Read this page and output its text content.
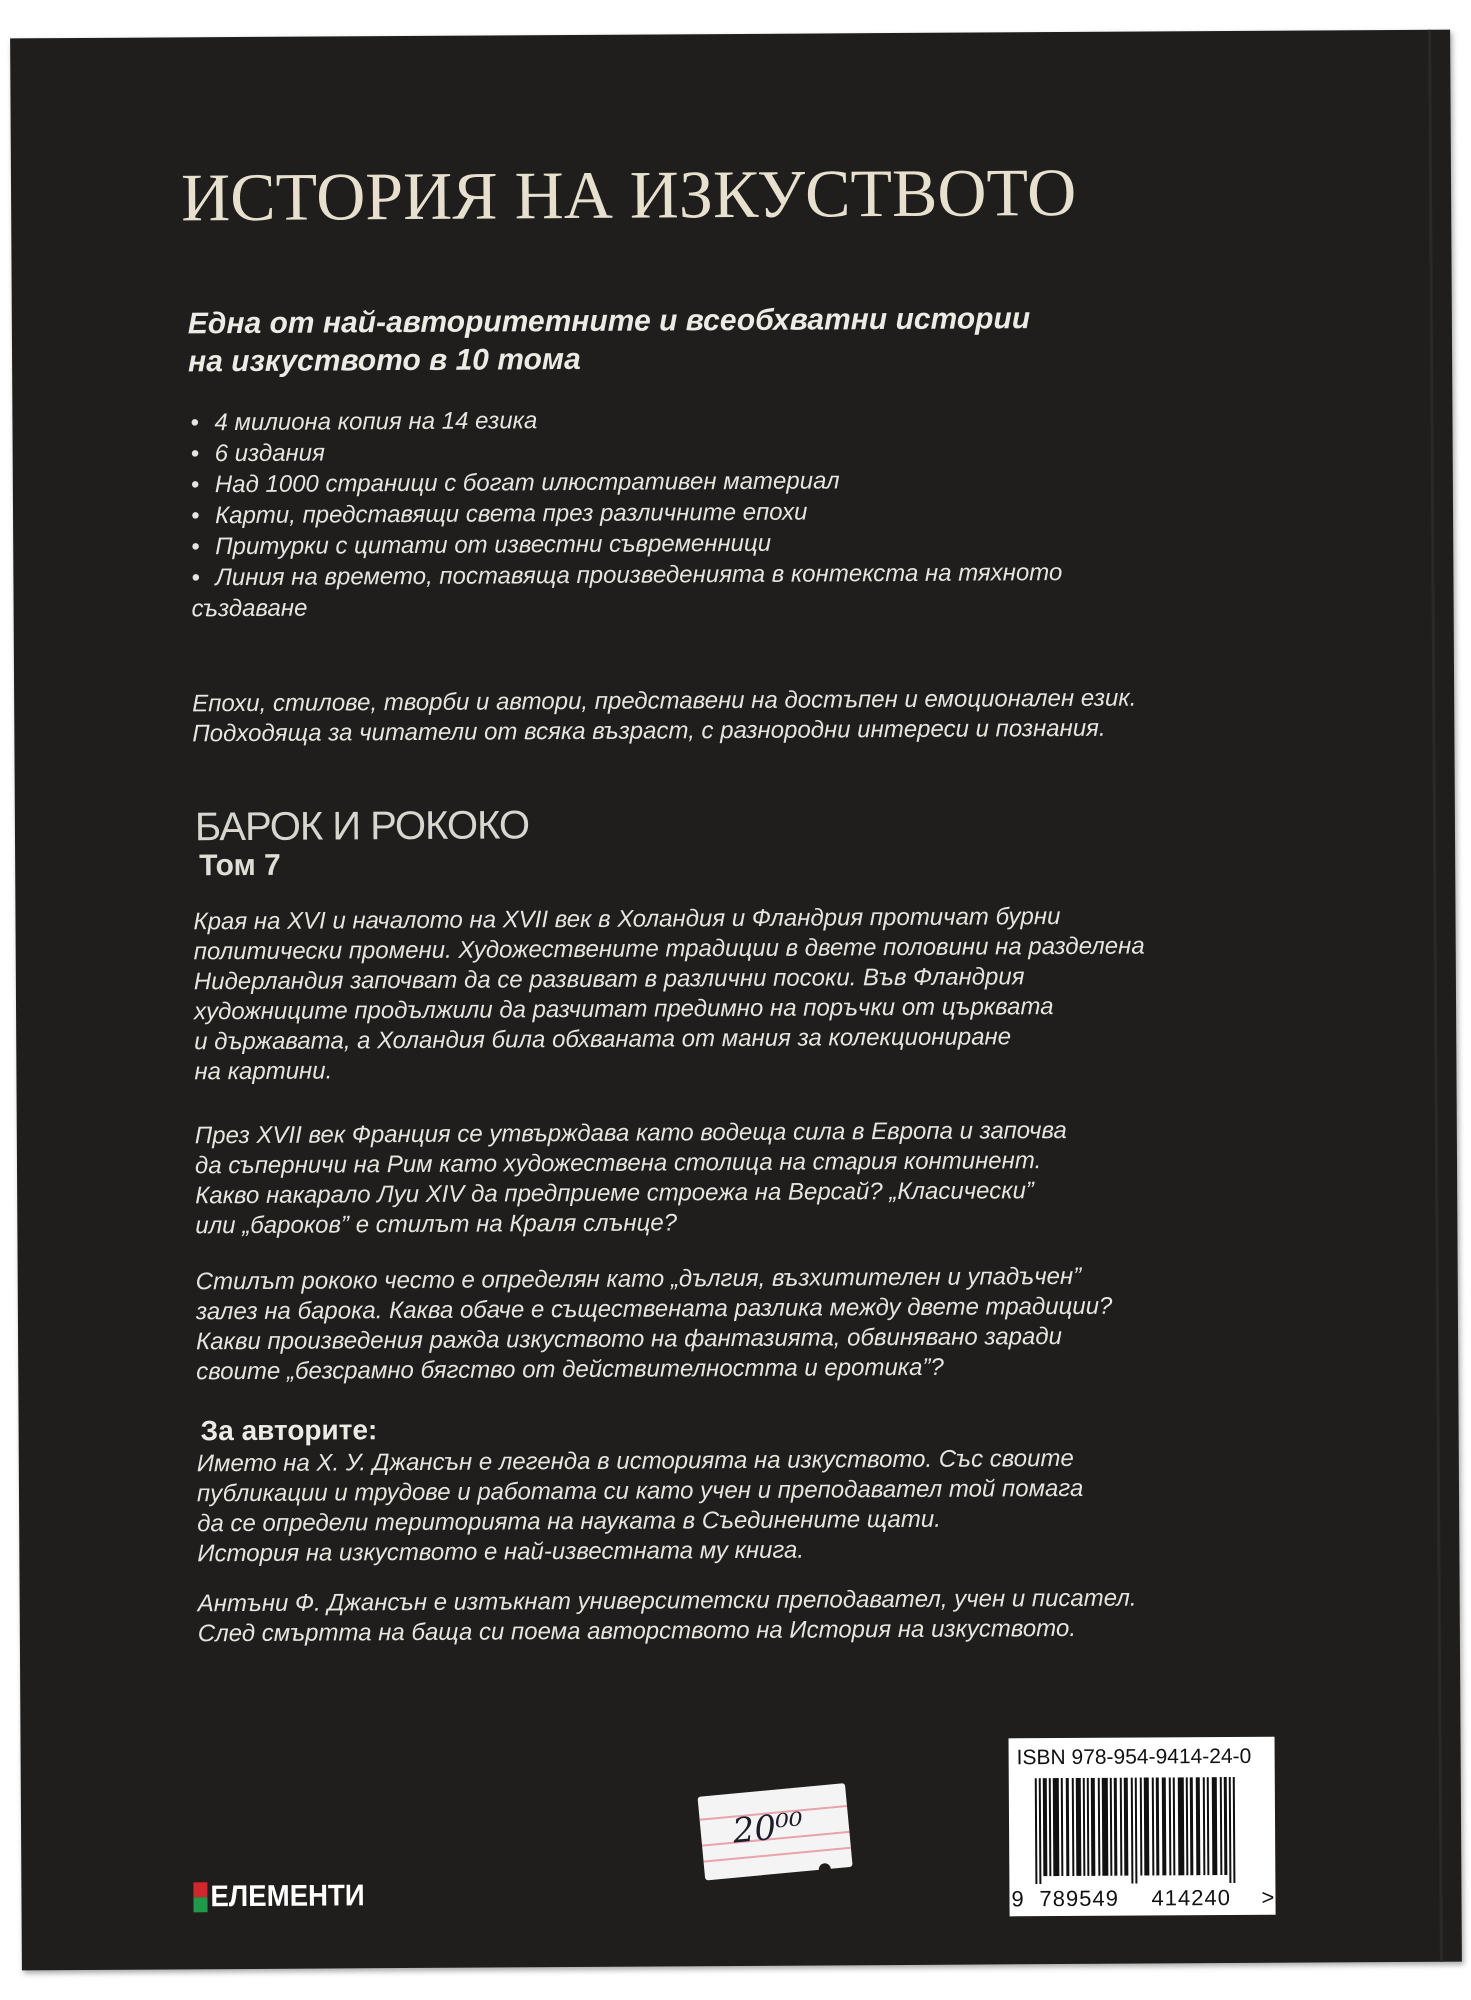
ИСТОРИЯ НА ИЗКУСТВОТО
Една от най-авторитетните и всеобхватни истории
на изкуството в 10 тома
• 4 милиона копия на 14 езика
• 6 издания
• Над 1000 страници с богат илюстративен материал
• Карти, представящи света през различните епохи
• Притурки с цитати от известни съвременници
• Линия на времето, поставяща произведенията в контекста на тяхното
създаване
Епохи, стилове, творби и автори, представени на достъпен и емоционален език.
Подходяща за читатели от всяка възраст, с разнородни интереси и познания.
БАРОК И РОКОКО
Том 7
Края на XVI и началото на XVII век в Холандия и Фландрия протичат бурни
политически промени. Художествените традиции в двете половини на разделена
Нидерландия започват да се развиват в различни посоки. Във Фландрия
художниците продължили да разчитат предимно на поръчки от църквата
и държавата, а Холандия била обхваната от мания за колекциониране
на картини.
През XVII век Франция се утвърждава като водеща сила в Европа и започва
да съперничи на Рим като художествена столица на стария континент.
Какво накарало Луи XIV да предприеме строежа на Версай? „Класически”
или „бароков” е стилът на Краля слънце?
Стилът рококо често е определян като „дългия, възхитителен и упадъчен”
залез на барока. Каква обаче е съществената разлика между двете традиции?
Какви произведения ражда изкуството на фантазията, обвинявано заради
своите „безсрамно бягство от действителността и еротика”?
За авторите:
Името на Х. У. Джансън е легенда в историята на изкуството. Със своите
публикации и трудове и работата си като учен и преподавател той помага
да се определи територията на науката в Съединените щати.
История на изкуството е най-известната му книга.
Антъни Ф. Джансън е изтъкнат университетски преподавател, учен и писател.
След смъртта на баща си поема авторството на История на изкуството.
ЕЛЕМЕНТИ
20⁰⁰
ISBN 978-954-9414-24-0
9 789549 414240 >
